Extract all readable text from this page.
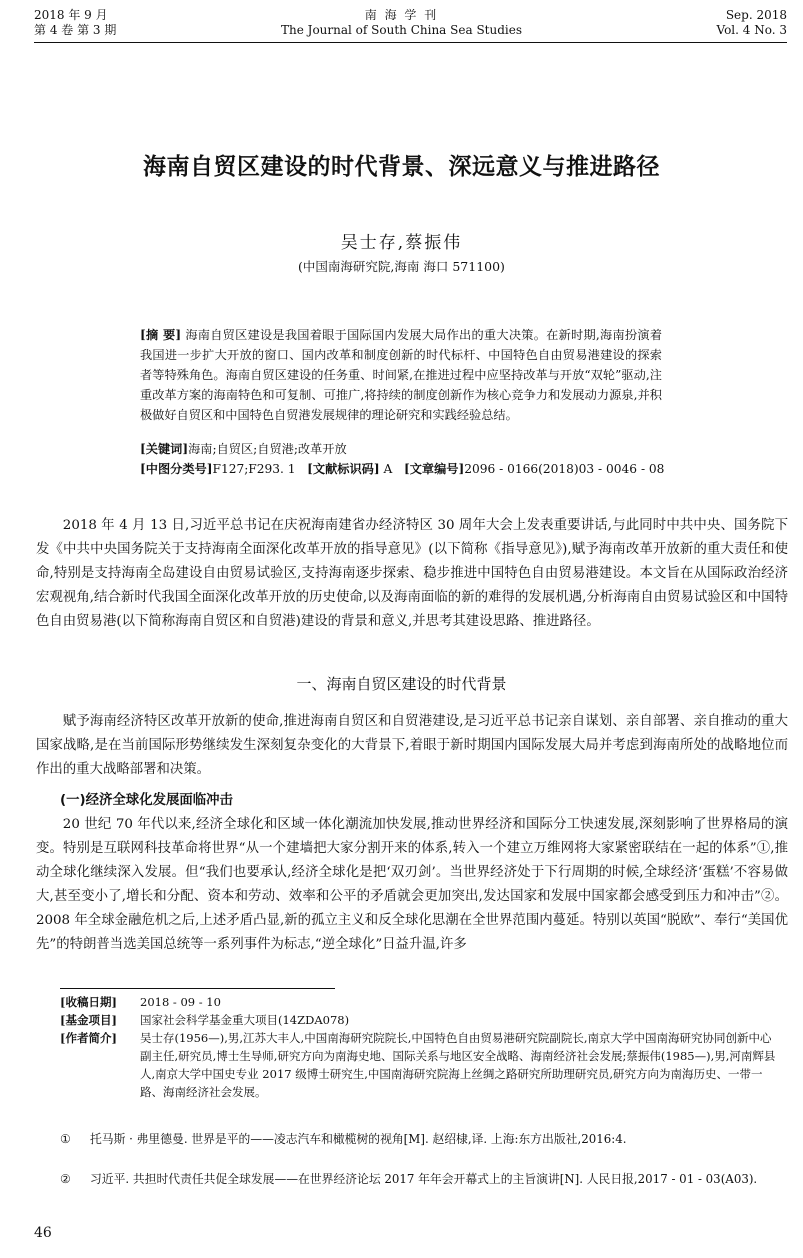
2018 年 9 月
第 4 卷 第 3 期
南 海 学 刊
The Journal of South China Sea Studies
Sep. 2018
Vol. 4 No. 3
海南自贸区建设的时代背景、深远意义与推进路径
吴士存,蔡振伟
(中国南海研究院,海南 海口 571100)
[摘 要] 海南自贸区建设是我国着眼于国际国内发展大局作出的重大决策。在新时期,海南扮演着我国进一步扩大开放的窗口、国内改革和制度创新的时代标杆、中国特色自由贸易港建设的探索者等特殊角色。海南自贸区建设的任务重、时间紧,在推进过程中应坚持改革与开放“双轮”驱动,注重改革方案的海南特色和可复制、可推广,将持续的制度创新作为核心竞争力和发展动力源泉,并积极做好自贸区和中国特色自贸港发展规律的理论研究和实践经验总结。
[关键词]海南;自贸区;自贸港;改革开放
[中图分类号]F127;F293. 1 [文献标识码] A [文章编号]2096 - 0166(2018)03 - 0046 - 08
2018 年 4 月 13 日,习近平总书记在庆祝海南建省办经济特区 30 周年大会上发表重要讲话,与此同时中共中央、国务院下发《中共中央国务院关于支持海南全面深化改革开放的指导意见》(以下简称《指导意见》),赋予海南改革开放新的重大责任和使命,特别是支持海南全岛建设自由贸易试验区,支持海南逐步探索、稳步推进中国特色自由贸易港建设。本文旨在从国际政治经济宏观视角,结合新时代我国全面深化改革开放的历史使命,以及海南面临的新的难得的发展机遇,分析海南自由贸易试验区和中国特色自由贸易港(以下简称海南自贸区和自贸港)建设的背景和意义,并思考其建设思路、推进路径。
一、海南自贸区建设的时代背景
赋予海南经济特区改革开放新的使命,推进海南自贸区和自贸港建设,是习近平总书记亲自谋划、亲自部署、亲自推动的重大国家战略,是在当前国际形势继续发生深刻复杂变化的大背景下,着眼于新时期国内国际发展大局并考虑到海南所处的战略地位而作出的重大战略部署和决策。
(一)经济全球化发展面临冲击
20 世纪 70 年代以来,经济全球化和区域一体化潮流加快发展,推动世界经济和国际分工快速发展,深刻影响了世界格局的演变。特别是互联网科技革命将世界“从一个建墙把大家分割开来的体系,转入一个建立万维网将大家紧密联结在一起的体系”①,推动全球化继续深入发展。但“我们也要承认,经济全球化是把‘双刃剑’。当世界经济处于下行周期的时候,全球经济‘蛋糕’不容易做大,甚至变小了,增长和分配、资本和劳动、效率和公平的矛盾就会更加突出,发达国家和发展中国家都会感受到压力和冲击”②。2008 年全球金融危机之后,上述矛盾凸显,新的孤立主义和反全球化思潮在全世界范围内蔓延。特别以英国“脱欧”、奉行“美国优先”的特朗普当选美国总统等一系列事件为标志,“逆全球化”日益升温,许多
[收稿日期] 2018 - 09 - 10
[基金项目] 国家社会科学基金重大项目(14ZDA078)
[作者简介] 吴士存(1956—),男,江苏大丰人,中国南海研究院院长,中国特色自由贸易港研究院副院长,南京大学中国南海研究协同创新中心副主任,研究员,博士生导师,研究方向为南海史地、国际关系与地区安全战略、海南经济社会发展;蔡振伟(1985—),男,河南辉县人,南京大学中国史专业 2017 级博士研究生,中国南海研究院海上丝绸之路研究所助理研究员,研究方向为南海历史、一带一路、海南经济社会发展。
① 托马斯 · 弗里德曼. 世界是平的——凌志汽车和橄榄树的视角[M]. 赵绍棣,译. 上海:东方出版社,2016:4.
② 习近平. 共担时代责任共促全球发展——在世界经济论坛 2017 年年会开幕式上的主旨演讲[N]. 人民日报,2017 - 01 - 03(A03).
46
